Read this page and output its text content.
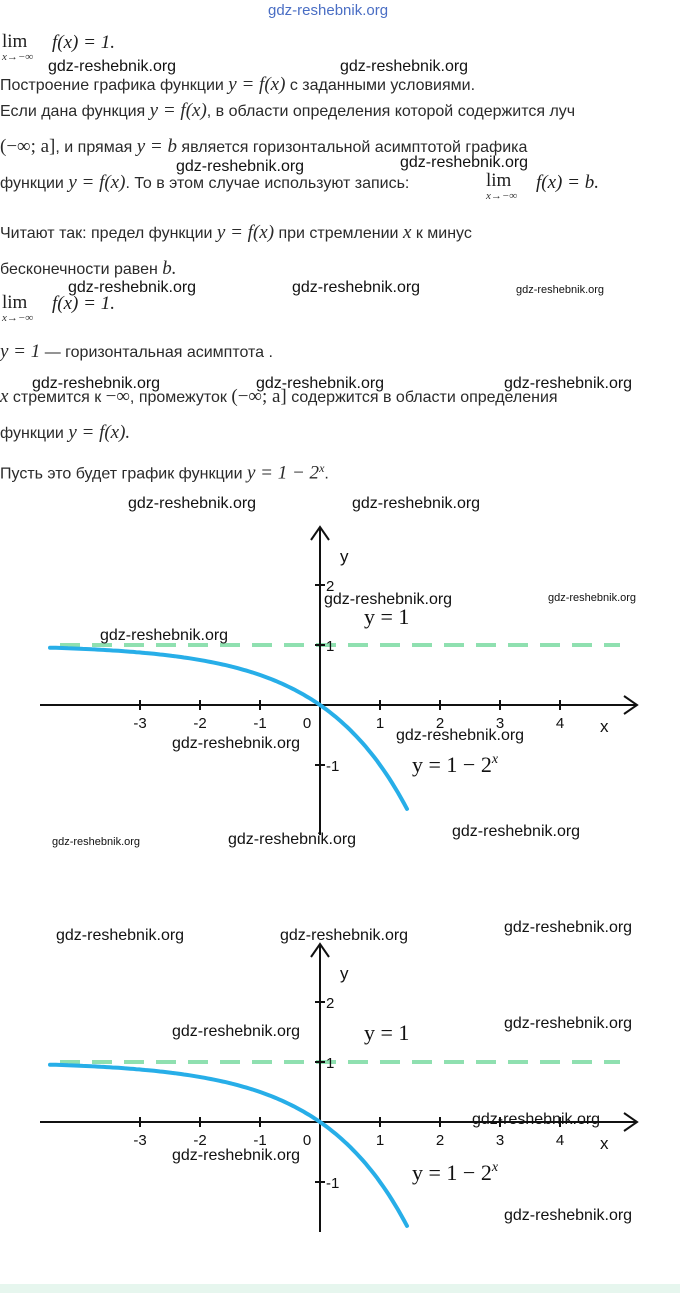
gdz-reshebnik.org
lim
x→−∞
f(x) = 1.
Построение графика функции y = f(x) с заданными условиями.
Если дана функция y = f(x), в области определения которой содержится луч
(−∞; a], и прямая y = b является горизонтальной асимптотой графика
функции y = f(x). То в этом случае используют запись:	lim
x→−∞
f(x) = b.
Читают так: предел функции y = f(x) при стремлении x к минус
бесконечности равен b.
lim
x→−∞
f(x) = 1.
y = 1 — горизонтальная асимптота .
x стремится к −∞, промежуток (−∞; a] содержится в области определения
функции y = f(x).
Пусть это будет график функции $y = 1 - 2^x$.
-3	-2	-1 0	1	2	3	4
2
1
-1
x
y
y = 1
$y = 1 - 2^x$
-3	-2	-1 0	1	2	3	4
2
1
-1
x
y
y = 1
$y = 1 - 2^x$
gdz-reshebnik.org	gdz-reshebnik.org
gdz-reshebnik.org	gdz-reshebnik.org
gdz-reshebnik.org	gdz-reshebnik.org	gdz-reshebnik.org
gdz-reshebnik.org	gdz-reshebnik.org	gdz-reshebnik.org
gdz-reshebnik.org	gdz-reshebnik.org
gdz-reshebnik.org	gdz-reshebnik.org
gdz-reshebnik.org
gdz-reshebnik.org	gdz-reshebnik.org
gdz-reshebnik.org	gdz-reshebnik.org	gdz-reshebnik.org
gdz-reshebnik.org	gdz-reshebnik.org	gdz-reshebnik.org
gdz-reshebnik.org	gdz-reshebnik.org
gdz-reshebnik.org
gdz-reshebnik.org
gdz-reshebnik.org
